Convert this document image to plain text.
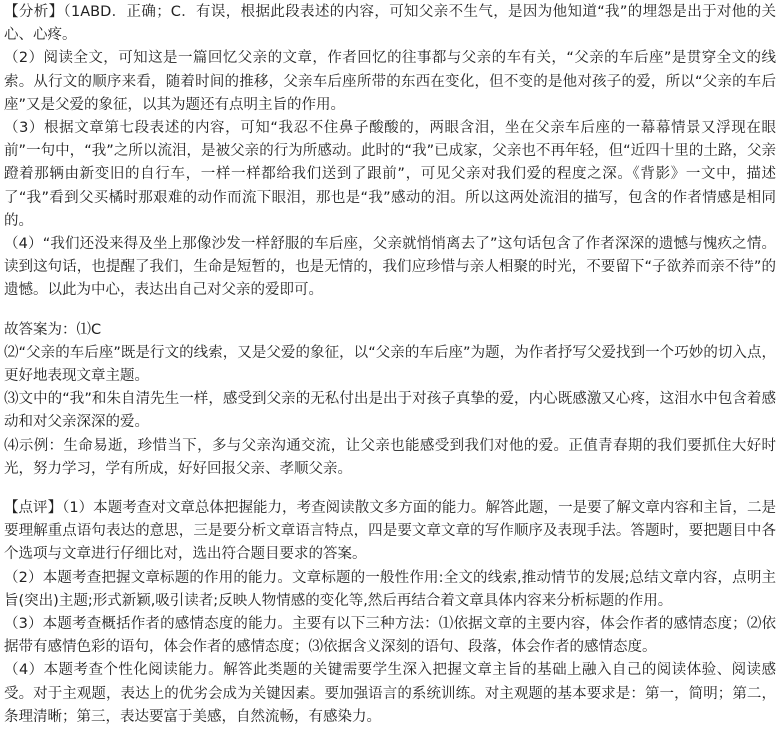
【分析】（1ABD．正确；C．有误，根据此段表述的内容，可知父亲不生气，是因为他知道“我”的埋怨是出于对他的关心、心疼。

（2）阅读全文，可知这是一篇回忆父亲的文章，作者回忆的往事都与父亲的车有关，“父亲的车后座”是贯穿全文的线索。从行文的顺序来看，随着时间的推移，父亲车后座所带的东西在变化，但不变的是他对孩子的爱，所以“父亲的车后座”又是父爱的象征，以其为题还有点明主旨的作用。

（3）根据文章第七段表述的内容，可知“我忍不住鼻子酸酸的，两眼含泪，坐在父亲车后座的一幕幕情景又浮现在眼前”一句中，“我”之所以流泪，是被父亲的行为所感动。此时的“我”已成家，父亲也不再年轻，但“近四十里的土路，父亲蹬着那辆由新变旧的自行车，一样一样都给我们送到了跟前”，可见父亲对我们爱的程度之深。《背影》一文中，描述了“我”看到父买橘时那艰难的动作而流下眼泪，那也是“我”感动的泪。所以这两处流泪的描写，包含的作者情感是相同的。

（4）“我们还没来得及坐上那像沙发一样舒服的车后座，父亲就悄悄离去了”这句话包含了作者深深的遗憾与愧疚之情。读到这句话，也提醒了我们，生命是短暂的，也是无情的，我们应珍惜与亲人相聚的时光，不要留下“子欲养而亲不待”的遗憾。以此为中心，表达出自己对父亲的爱即可。

故答案为：⑴C

⑵“父亲的车后座”既是行文的线索，又是父爱的象征，以“父亲的车后座”为题，为作者抒写父爱找到一个巧妙的切入点，更好地表现文章主题。

⑶文中的“我”和朱自清先生一样，感受到父亲的无私付出是出于对孩子真挚的爱，内心既感激又心疼，这泪水中包含着感动和对父亲深深的爱。

⑷示例：生命易逝，珍惜当下，多与父亲沟通交流，让父亲也能感受到我们对他的爱。正值青春期的我们要抓住大好时光，努力学习，学有所成，好好回报父亲、孝顺父亲。

【点评】（1）本题考查对文章总体把握能力，考查阅读散文多方面的能力。解答此题，一是要了解文章内容和主旨，二是要理解重点语句表达的意思，三是要分析文章语言特点，四是要文章文章的写作顺序及表现手法。答题时，要把题目中各个选项与文章进行仔细比对，选出符合题目要求的答案。

（2）本题考查把握文章标题的作用的能力。文章标题的一般性作用:全文的线索,推动情节的发展;总结文章内容，点明主旨(突出)主题;形式新颖,吸引读者;反映人物情感的变化等,然后再结合着文章具体内容来分析标题的作用。

（3）本题考查概括作者的感情态度的能力。主要有以下三种方法：⑴依据文章的主要内容，体会作者的感情态度；⑵依据带有感情色彩的语句，体会作者的感情态度；⑶依据含义深刻的语句、段落，体会作者的感情态度。

（4）本题考查个性化阅读能力。解答此类题的关键需要学生深入把握文章主旨的基础上融入自己的阅读体验、阅读感受。对于主观题，表达上的优劣会成为关键因素。要加强语言的系统训练。对主观题的基本要求是：第一，简明；第二，条理清晰；第三，表达要富于美感，自然流畅，有感染力。
